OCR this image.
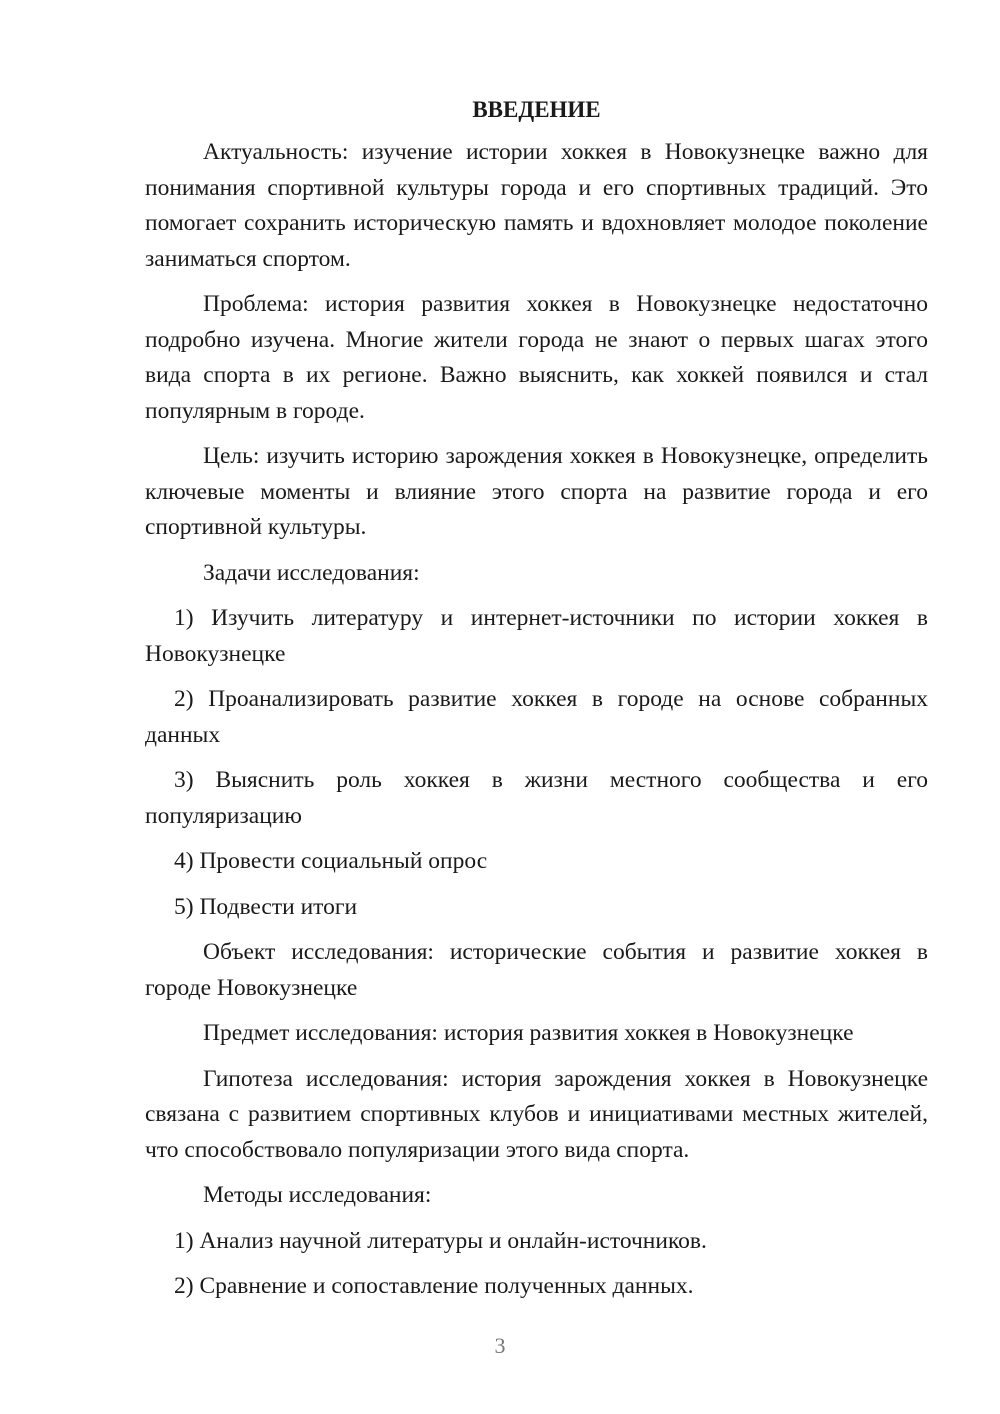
ВВЕДЕНИЕ

Актуальность: изучение истории хоккея в Новокузнецке важно для понимания спортивной культуры города и его спортивных традиций. Это помогает сохранить историческую память и вдохновляет молодое поколение заниматься спортом.

Проблема: история развития хоккея в Новокузнецке недостаточно подробно изучена. Многие жители города не знают о первых шагах этого вида спорта в их регионе. Важно выяснить, как хоккей появился и стал популярным в городе.

Цель: изучить историю зарождения хоккея в Новокузнецке, определить ключевые моменты и влияние этого спорта на развитие города и его спортивной культуры.

Задачи исследования:

1) Изучить литературу и интернет-источники по истории хоккея в Новокузнецке

2) Проанализировать развитие хоккея в городе на основе собранных данных

3) Выяснить роль хоккея в жизни местного сообщества и его популяризацию

4) Провести социальный опрос

5) Подвести итоги

Объект исследования: исторические события и развитие хоккея в городе Новокузнецке

Предмет исследования: история развития хоккея в Новокузнецке

Гипотеза исследования: история зарождения хоккея в Новокузнецке связана с развитием спортивных клубов и инициативами местных жителей, что способствовало популяризации этого вида спорта.

Методы исследования:

1) Анализ научной литературы и онлайн-источников.

2) Сравнение и сопоставление полученных данных.

3
